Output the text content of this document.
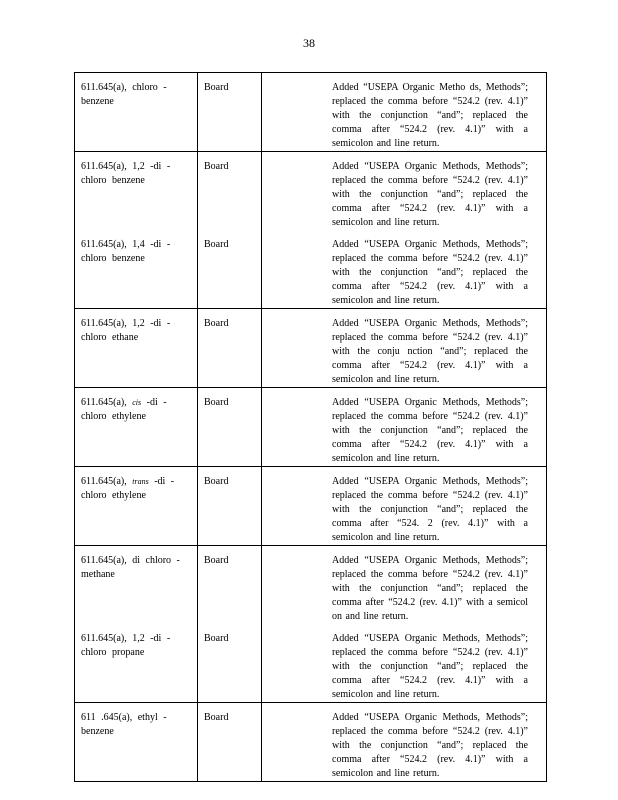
38
611.645(a), chloro - benzene	Board	Added “USEPA Organic Metho ds, Methods”; replaced the comma before “524.2 (rev. 4.1)” with the conjunction “and”; replaced the comma after “524.2 (rev. 4.1)” with a semicolon and line return.

611.645(a), 1,2 -di - chloro benzene	Board	Added “USEPA Organic Methods, Methods”; replaced the comma before “524.2 (rev. 4.1)” with the conjunction “and”; replaced the comma after “524.2 (rev. 4.1)” with a semicolon and line return.

611.645(a), 1,4 -di - chloro benzene	Board	Added “USEPA Organic Methods, Methods”; replaced the comma before “524.2 (rev. 4.1)” with the conjunction “and”; replaced the comma after “524.2 (rev. 4.1)” with a semicolon and line return.

611.645(a), 1,2 -di - chloro ethane	Board	Added “USEPA Organic Methods, Methods”; replaced the comma before “524.2 (rev. 4.1)” with the conju nction “and”; replaced the comma after “524.2 (rev. 4.1)” with a semicolon and line return.

611.645(a), cis -di - chloro ethylene	Board	Added “USEPA Organic Methods, Methods”; replaced the comma before “524.2 (rev. 4.1)” with the conjunction “and”; replaced the comma after “524.2 (rev. 4.1)” with a semicolon and line return.

611.645(a), trans -di - chloro ethylene	Board	Added “USEPA Organic Methods, Methods”; replaced the comma before “524.2 (rev. 4.1)” with the conjunction “and”; replaced the comma after “524. 2 (rev. 4.1)” with a semicolon and line return.

611.645(a), di chloro - methane	Board	Added “USEPA Organic Methods, Methods”; replaced the comma before “524.2 (rev. 4.1)” with the conjunction “and”; replaced the comma after “524.2 (rev. 4.1)” with a semicol on and line return.

611.645(a), 1,2 -di - chloro propane	Board	Added “USEPA Organic Methods, Methods”; replaced the comma before “524.2 (rev. 4.1)” with the conjunction “and”; replaced the comma after “524.2 (rev. 4.1)” with a semicolon and line return.

611 .645(a), ethyl - benzene	Board	Added “USEPA Organic Methods, Methods”; replaced the comma before “524.2 (rev. 4.1)” with the conjunction “and”; replaced the comma after “524.2 (rev. 4.1)” with a semicolon and line return.
